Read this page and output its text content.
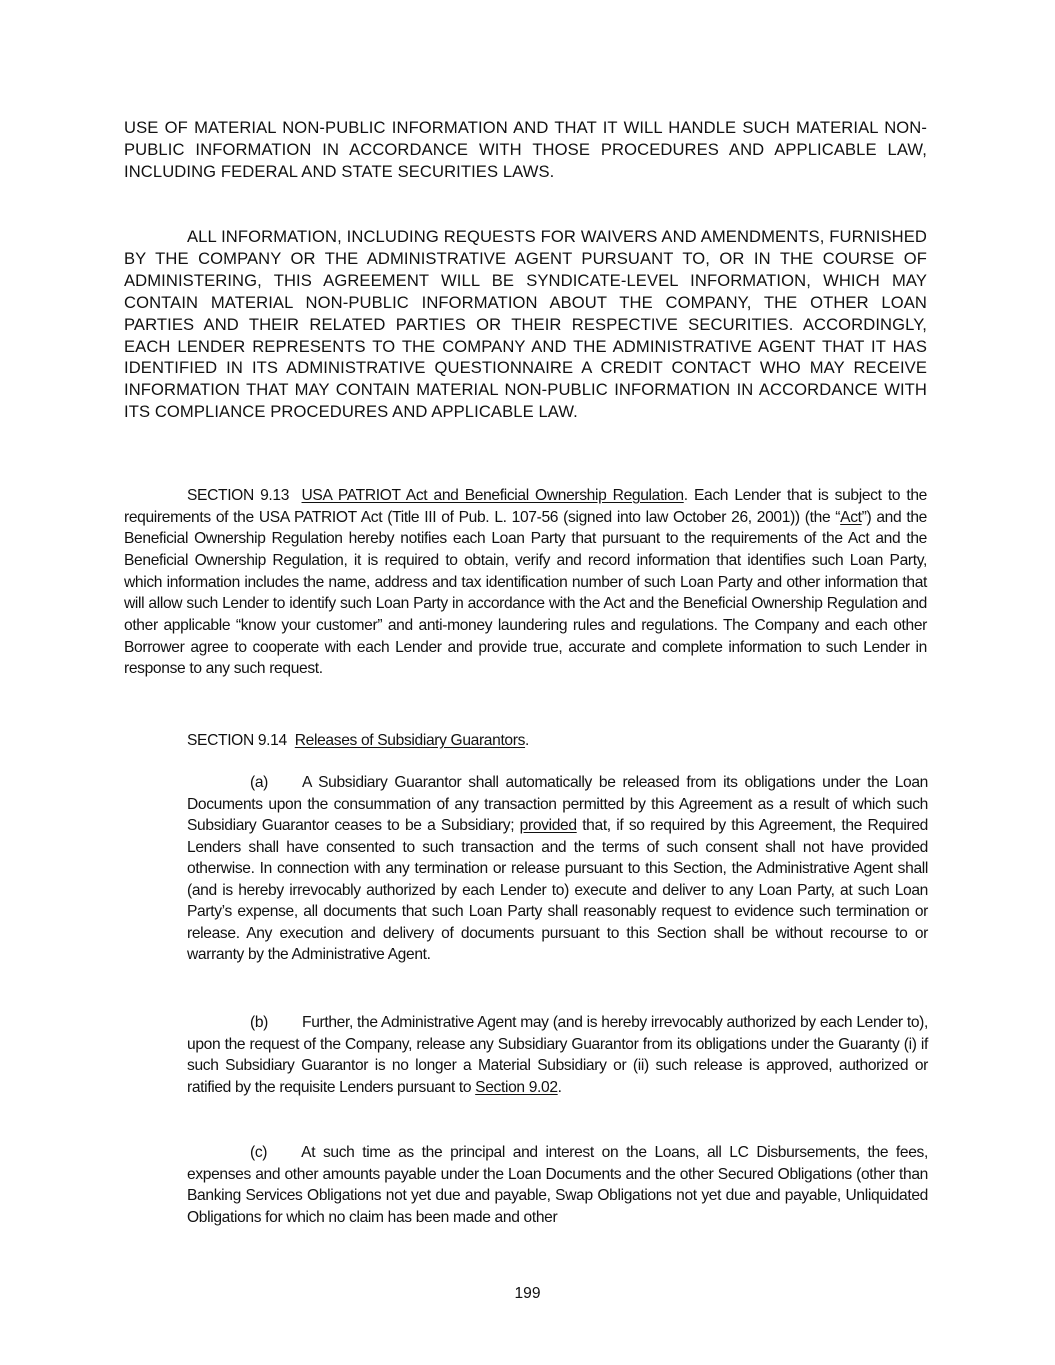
USE OF MATERIAL NON-PUBLIC INFORMATION AND THAT IT WILL HANDLE SUCH MATERIAL NON-PUBLIC INFORMATION IN ACCORDANCE WITH THOSE PROCEDURES AND APPLICABLE LAW, INCLUDING FEDERAL AND STATE SECURITIES LAWS.

ALL INFORMATION, INCLUDING REQUESTS FOR WAIVERS AND AMENDMENTS, FURNISHED BY THE COMPANY OR THE ADMINISTRATIVE AGENT PURSUANT TO, OR IN THE COURSE OF ADMINISTERING, THIS AGREEMENT WILL BE SYNDICATE-LEVEL INFORMATION, WHICH MAY CONTAIN MATERIAL NON-PUBLIC INFORMATION ABOUT THE COMPANY, THE OTHER LOAN PARTIES AND THEIR RELATED PARTIES OR THEIR RESPECTIVE SECURITIES. ACCORDINGLY, EACH LENDER REPRESENTS TO THE COMPANY AND THE ADMINISTRATIVE AGENT THAT IT HAS IDENTIFIED IN ITS ADMINISTRATIVE QUESTIONNAIRE A CREDIT CONTACT WHO MAY RECEIVE INFORMATION THAT MAY CONTAIN MATERIAL NON-PUBLIC INFORMATION IN ACCORDANCE WITH ITS COMPLIANCE PROCEDURES AND APPLICABLE LAW.

SECTION 9.13 USA PATRIOT Act and Beneficial Ownership Regulation. Each Lender that is subject to the requirements of the USA PATRIOT Act (Title III of Pub. L. 107-56 (signed into law October 26, 2001)) (the “Act”) and the Beneficial Ownership Regulation hereby notifies each Loan Party that pursuant to the requirements of the Act and the Beneficial Ownership Regulation, it is required to obtain, verify and record information that identifies such Loan Party, which information includes the name, address and tax identification number of such Loan Party and other information that will allow such Lender to identify such Loan Party in accordance with the Act and the Beneficial Ownership Regulation and other applicable “know your customer” and anti-money laundering rules and regulations. The Company and each other Borrower agree to cooperate with each Lender and provide true, accurate and complete information to such Lender in response to any such request.

SECTION 9.14 Releases of Subsidiary Guarantors.

(a) A Subsidiary Guarantor shall automatically be released from its obligations under the Loan Documents upon the consummation of any transaction permitted by this Agreement as a result of which such Subsidiary Guarantor ceases to be a Subsidiary; provided that, if so required by this Agreement, the Required Lenders shall have consented to such transaction and the terms of such consent shall not have provided otherwise. In connection with any termination or release pursuant to this Section, the Administrative Agent shall (and is hereby irrevocably authorized by each Lender to) execute and deliver to any Loan Party, at such Loan Party’s expense, all documents that such Loan Party shall reasonably request to evidence such termination or release. Any execution and delivery of documents pursuant to this Section shall be without recourse to or warranty by the Administrative Agent.

(b) Further, the Administrative Agent may (and is hereby irrevocably authorized by each Lender to), upon the request of the Company, release any Subsidiary Guarantor from its obligations under the Guaranty (i) if such Subsidiary Guarantor is no longer a Material Subsidiary or (ii) such release is approved, authorized or ratified by the requisite Lenders pursuant to Section 9.02.

(c) At such time as the principal and interest on the Loans, all LC Disbursements, the fees, expenses and other amounts payable under the Loan Documents and the other Secured Obligations (other than Banking Services Obligations not yet due and payable, Swap Obligations not yet due and payable, Unliquidated Obligations for which no claim has been made and other

199
